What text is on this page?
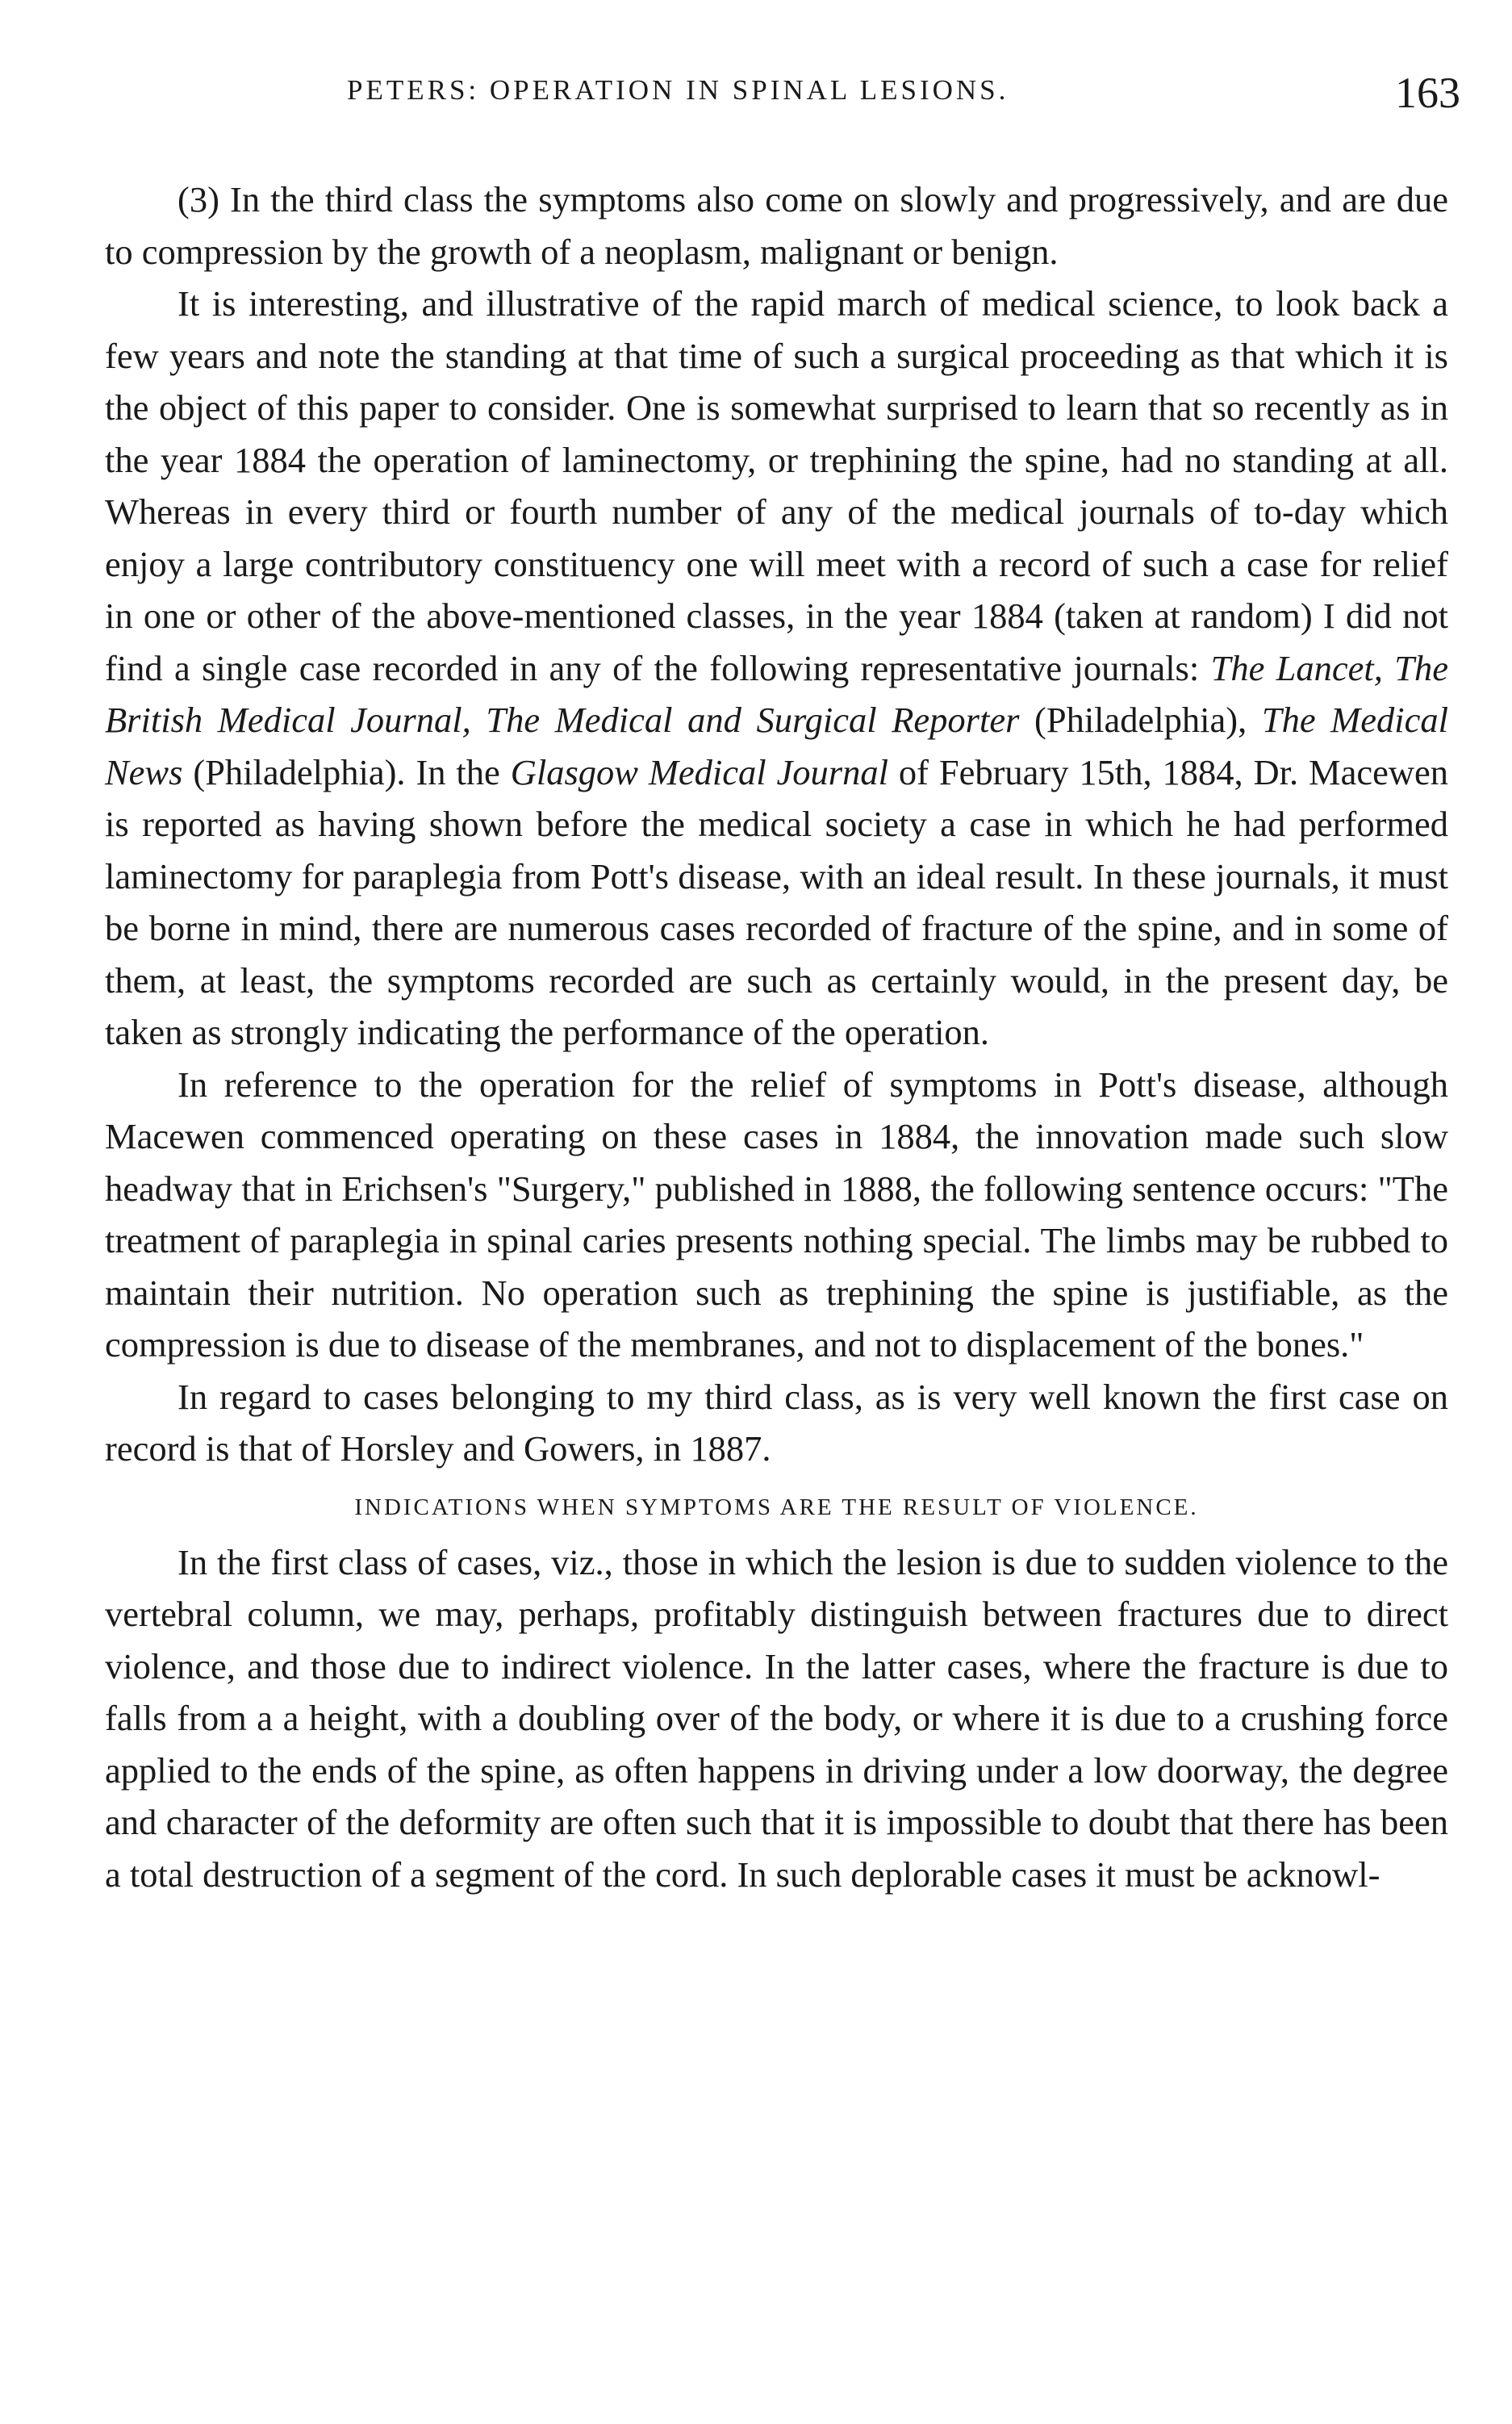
PETERS: OPERATION IN SPINAL LESIONS.	163

(3) In the third class the symptoms also come on slowly and progressively, and are due to compression by the growth of a neoplasm, malignant or benign.

It is interesting, and illustrative of the rapid march of medical science, to look back a few years and note the standing at that time of such a surgical proceeding as that which it is the object of this paper to consider. One is somewhat surprised to learn that so recently as in the year 1884 the operation of laminectomy, or trephining the spine, had no standing at all. Whereas in every third or fourth number of any of the medical journals of to-day which enjoy a large contributory constituency one will meet with a record of such a case for relief in one or other of the above-mentioned classes, in the year 1884 (taken at random) I did not find a single case recorded in any of the following representative journals: The Lancet, The British Medical Journal, The Medical and Surgical Reporter (Philadelphia), The Medical News (Philadelphia). In the Glasgow Medical Journal of February 15th, 1884, Dr. Macewen is reported as having shown before the medical society a case in which he had performed laminectomy for paraplegia from Pott's disease, with an ideal result. In these journals, it must be borne in mind, there are numerous cases recorded of fracture of the spine, and in some of them, at least, the symptoms recorded are such as certainly would, in the present day, be taken as strongly indicating the performance of the operation.

In reference to the operation for the relief of symptoms in Pott's disease, although Macewen commenced operating on these cases in 1884, the innovation made such slow headway that in Erichsen's "Surgery," published in 1888, the following sentence occurs: "The treatment of paraplegia in spinal caries presents nothing special. The limbs may be rubbed to maintain their nutrition. No operation such as trephining the spine is justifiable, as the compression is due to disease of the membranes, and not to displacement of the bones."

In regard to cases belonging to my third class, as is very well known the first case on record is that of Horsley and Gowers, in 1887.

INDICATIONS WHEN SYMPTOMS ARE THE RESULT OF VIOLENCE.

In the first class of cases, viz., those in which the lesion is due to sudden violence to the vertebral column, we may, perhaps, profitably distinguish between fractures due to direct violence, and those due to indirect violence. In the latter cases, where the fracture is due to falls from a a height, with a doubling over of the body, or where it is due to a crushing force applied to the ends of the spine, as often happens in driving under a low doorway, the degree and character of the deformity are often such that it is impossible to doubt that there has been a total destruction of a segment of the cord. In such deplorable cases it must be acknowl-
